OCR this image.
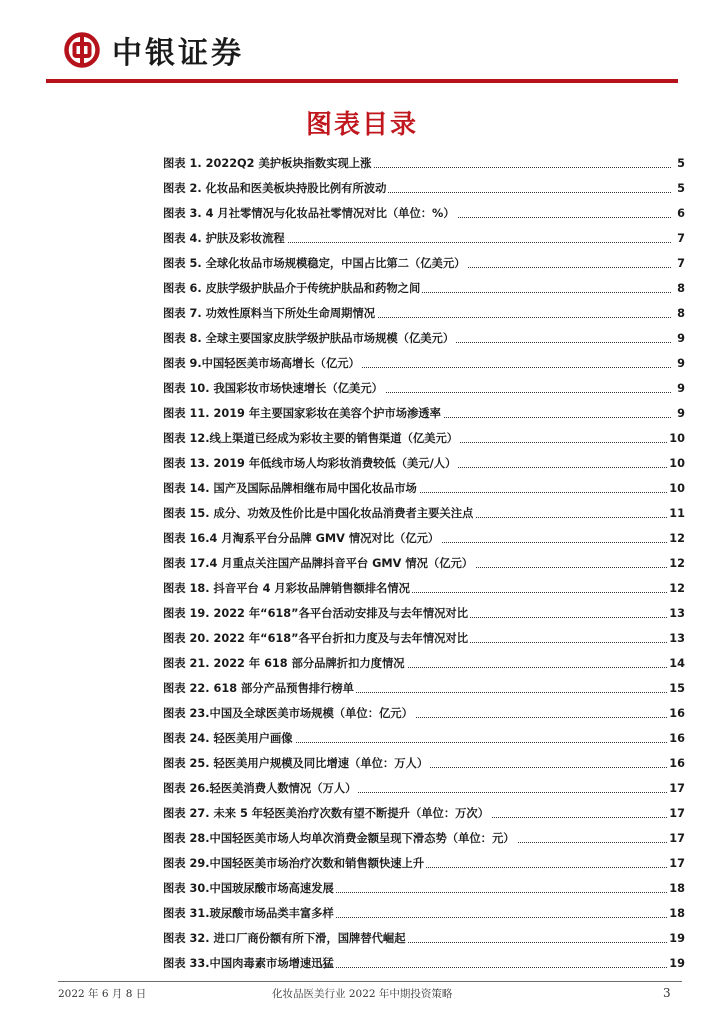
中银证券
图表目录
图表 1. 2022Q2 美护板块指数实现上涨	5
图表 2. 化妆品和医美板块持股比例有所波动	5
图表 3. 4 月社零情况与化妆品社零情况对比（单位：%）	6
图表 4. 护肤及彩妆流程	7
图表 5. 全球化妆品市场规模稳定，中国占比第二（亿美元）	7
图表 6. 皮肤学级护肤品介于传统护肤品和药物之间	8
图表 7. 功效性原料当下所处生命周期情况	8
图表 8. 全球主要国家皮肤学级护肤品市场规模（亿美元）	9
图表 9.中国轻医美市场高增长（亿元）	9
图表 10. 我国彩妆市场快速增长（亿美元）	9
图表 11. 2019 年主要国家彩妆在美容个护市场渗透率	9
图表 12.线上渠道已经成为彩妆主要的销售渠道（亿美元）	10
图表 13. 2019 年低线市场人均彩妆消费较低（美元/人）	10
图表 14. 国产及国际品牌相继布局中国化妆品市场	10
图表 15. 成分、功效及性价比是中国化妆品消费者主要关注点	11
图表 16.4 月淘系平台分品牌 GMV 情况对比（亿元）	12
图表 17.4 月重点关注国产品牌抖音平台 GMV 情况（亿元）	12
图表 18. 抖音平台 4 月彩妆品牌销售额排名情况	12
图表 19. 2022 年“618”各平台活动安排及与去年情况对比	13
图表 20. 2022 年“618”各平台折扣力度及与去年情况对比	13
图表 21. 2022 年 618 部分品牌折扣力度情况	14
图表 22. 618 部分产品预售排行榜单	15
图表 23.中国及全球医美市场规模（单位：亿元）	16
图表 24. 轻医美用户画像	16
图表 25. 轻医美用户规模及同比增速（单位：万人）	16
图表 26.轻医美消费人数情况（万人）	17
图表 27. 未来 5 年轻医美治疗次数有望不断提升（单位：万次）	17
图表 28.中国轻医美市场人均单次消费金额呈现下滑态势（单位：元）	17
图表 29.中国轻医美市场治疗次数和销售额快速上升	17
图表 30.中国玻尿酸市场高速发展	18
图表 31.玻尿酸市场品类丰富多样	18
图表 32. 进口厂商份额有所下滑，国牌替代崛起	19
图表 33.中国肉毒素市场增速迅猛	19
2022 年 6 月 8 日	化妆品医美行业 2022 年中期投资策略	3
